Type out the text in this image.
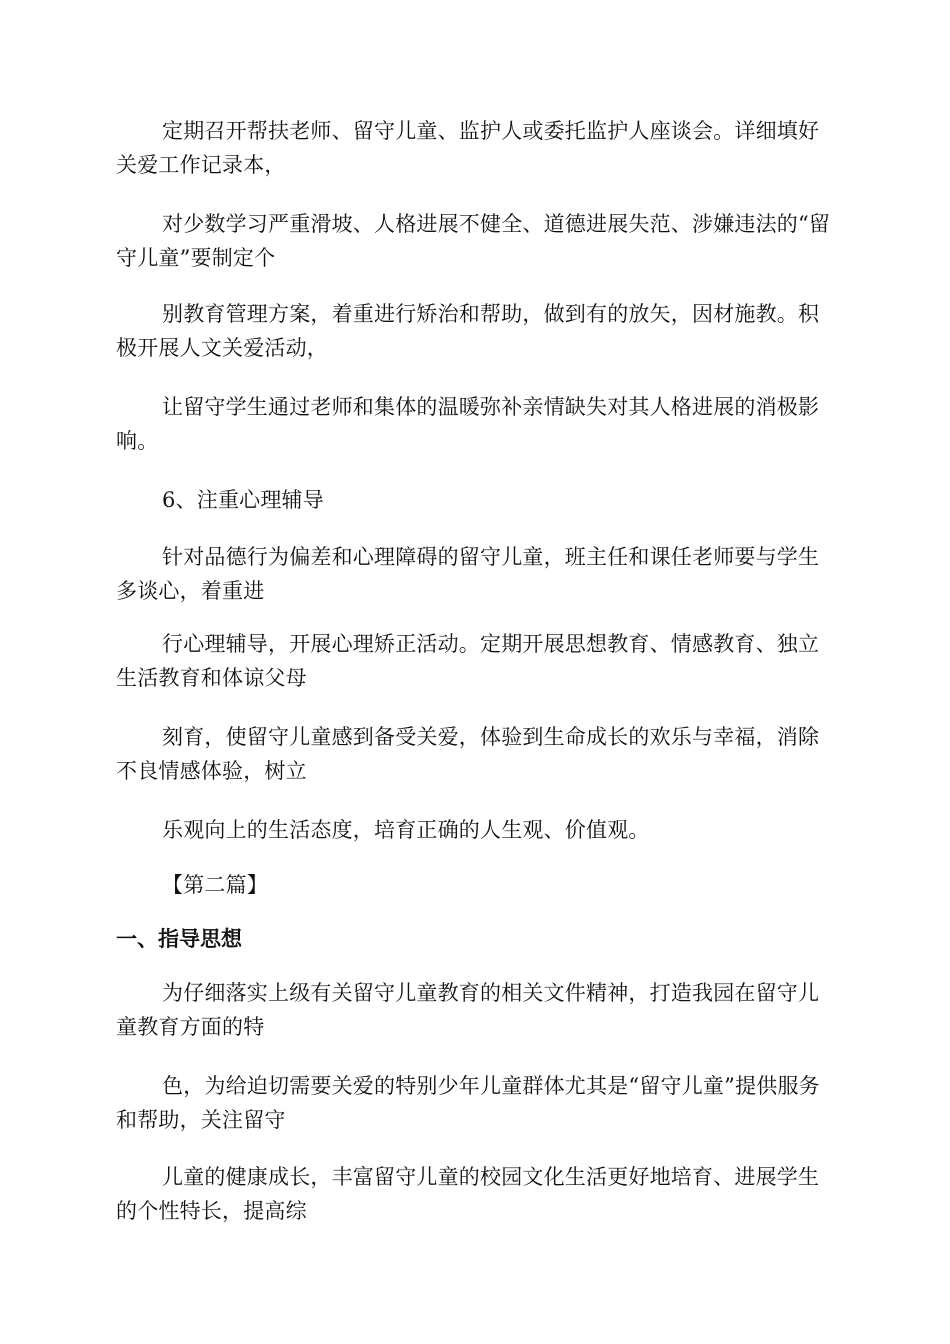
定期召开帮扶老师、留守儿童、监护人或委托监护人座谈会。详细填好关爱工作记录本，

对少数学习严重滑坡、人格进展不健全、道德进展失范、涉嫌违法的“留守儿童”要制定个

别教育管理方案，着重进行矫治和帮助，做到有的放矢，因材施教。积极开展人文关爱活动，

让留守学生通过老师和集体的温暖弥补亲情缺失对其人格进展的消极影响。

6、注重心理辅导

针对品德行为偏差和心理障碍的留守儿童，班主任和课任老师要与学生多谈心，着重进

行心理辅导，开展心理矫正活动。定期开展思想教育、情感教育、独立生活教育和体谅父母

刻育，使留守儿童感到备受关爱，体验到生命成长的欢乐与幸福，消除不良情感体验，树立

乐观向上的生活态度，培育正确的人生观、价值观。

【第二篇】

一、指导思想

为仔细落实上级有关留守儿童教育的相关文件精神，打造我园在留守儿童教育方面的特

色，为给迫切需要关爱的特别少年儿童群体尤其是“留守儿童”提供服务和帮助，关注留守

儿童的健康成长，丰富留守儿童的校园文化生活更好地培育、进展学生的个性特长，提高综
